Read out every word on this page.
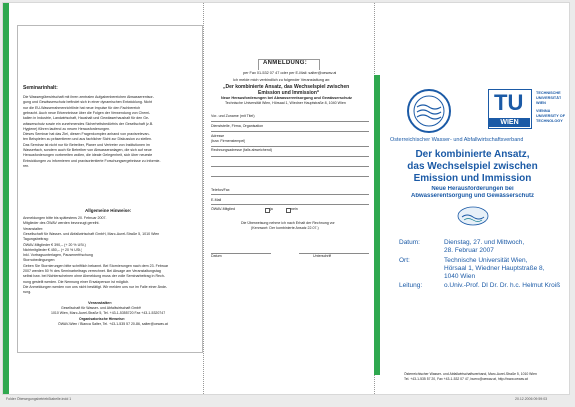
Seminarinhalt:
Die Wassergütewirtschaft mit ihren zentralen Aufgabenbereichen Abwasserentsor-
gung und Gewässerschutz befindet sich in einer dynamischen Entwicklung. Nicht
nur die EU-Wasserrahmenrichtlinie hat neue Impulse für den Fachbereich
gebracht. Auch neue Erkenntnisse über die Folgen der Verwendung von Chemi-
kalien in Industrie, Landwirtschaft, Haushalt und Gewässerhaushalt für den Ge-
wässerschutz sowie ein zunehmendes Sicherheitsbedürfnis der Gesellschaft (z.B.
Hygiene) führen laufend zu neuen Herausforderungen.
Dieses Seminar hat das Ziel, diesen Fragenkomplex anhand von praxisrelevan-
ten Beispielen zu präsentieren und aus fachlicher Sicht zur Diskussion zu stellen.
Das Seminar ist nicht nur für Betreiber, Planer und Vertreter von Institutionen im
Wasserfach, sondern auch für Betreiber von Abwasseranlagen, die sich auf neue
Herausforderungen vorbereiten wollen, die ideale Gelegenheit, sich über neueste
Entwicklungen zu informieren und praxisorientierte Forschungsergebnisse zu informie-
ren.
Allgemeine Hinweise:
Anmeldungen bitte bis spätestens 20. Februar 2007.
Mitglieder des ÖWAV werden bevorzugt gereiht.
Veranstalter:
Gesellschaft für Wasser- und Abfallwirtschaft GmbH, Marc-Aurel-Straße 5, 1010 Wien
Tagungsbeitrag:
ÖWAV-Mitglieder € 390,– (+ 20 % USt.)
Nichtmitglieder € 450,– (+ 20 % USt.)
Inkl. Vortragsunterlagen, Pausenerfrischung
Stornobedingungen:
Geben Sie Stornierungen bitte schriftlich bekannt. Bei Stornierungen nach dem 23. Februar
2007 werden 50 % des Seminarbeitrags verrechnet. Bei Absage am Veranstaltungstag
selbst bzw. bei Nichterscheinen ohne Abmeldung muss der volle Seminarbeitrag in Rech-
nung gestellt werden. Die Nennung einer Ersatzperson ist möglich.
Die Anmeldungen werden von uns nicht bestätigt. Wir melden uns nur im Falle einer Ände-
rung.
Veranstalter:
Gesellschaft für Wasser- und Abfallwirtschaft GmbH
1010 Wien, Marc-Aurel-Straße 5, Tel. +43-1-5355720 Fax +43-1-5320747
Organisatorische Hinweise:
ÖWAV-Wien / Bianca Salter, Tel. +43-1-535 57 20-86, salter@oewav.at
ANMELDUNG:
per Fax 01-532 07 47 oder per E-Mail: salter@oewav.at
Ich melde mich verbindlich zu folgender Veranstaltung an:
„Der kombinierte Ansatz, das Wechselspiel zwischen
Emission und Immission“
Neue Herausforderungen bei Abwasserentsorgung und Gewässerschutz
Technische Universität Wien, Hörsaal 1, Wiedner Hauptstraße 8, 1040 Wien
Vor- und Zuname (mit Titel)
Dienststelle, Firma, Organisation
Adresse
(bzw. Firmenstempel)
Rechnungsadresse (falls abweichend)
Telefon/Fax
E-Mail
ÖWAV-Mitglied	ja	nein
Die Überweisung nehme ich nach Erhalt der Rechnung vor
(Kennwort: Der kombinierte Ansatz 22.07.)
Datum	Unterschrift
TU
WIEN
TECHNISCHE
UNIVERSITÄT
WIEN
VIENNA
UNIVERSITY OF
TECHNOLOGY
Österreichischer Wasser- und Abfallwirtschaftsverband
Der kombinierte Ansatz,
das Wechselspiel zwischen
Emission und Immission
Neue Herausforderungen bei
Abwasserentsorgung und Gewässerschutz
Datum:	Dienstag, 27. und Mittwoch,
28. Februar 2007
Ort:	Technische Universität Wien,
Hörsaal 1, Wiedner Hauptstraße 8,
1040 Wien
Leitung:	o.Univ.-Prof. DI Dr. Dr. h.c. Helmut Kroiß
Österreichischer Wasser- und Abfallwirtschaftsverband, Marc-Aurel-Straße 5, 1010 Wien
Tel. +43-1-535 57 20, Fax +43-1-532 07 47, buero@oewav.at, http://www.oewav.at
Folder Öbewegungsbetriebßtabelle.indd 1	20.12.2006 09:59:03
